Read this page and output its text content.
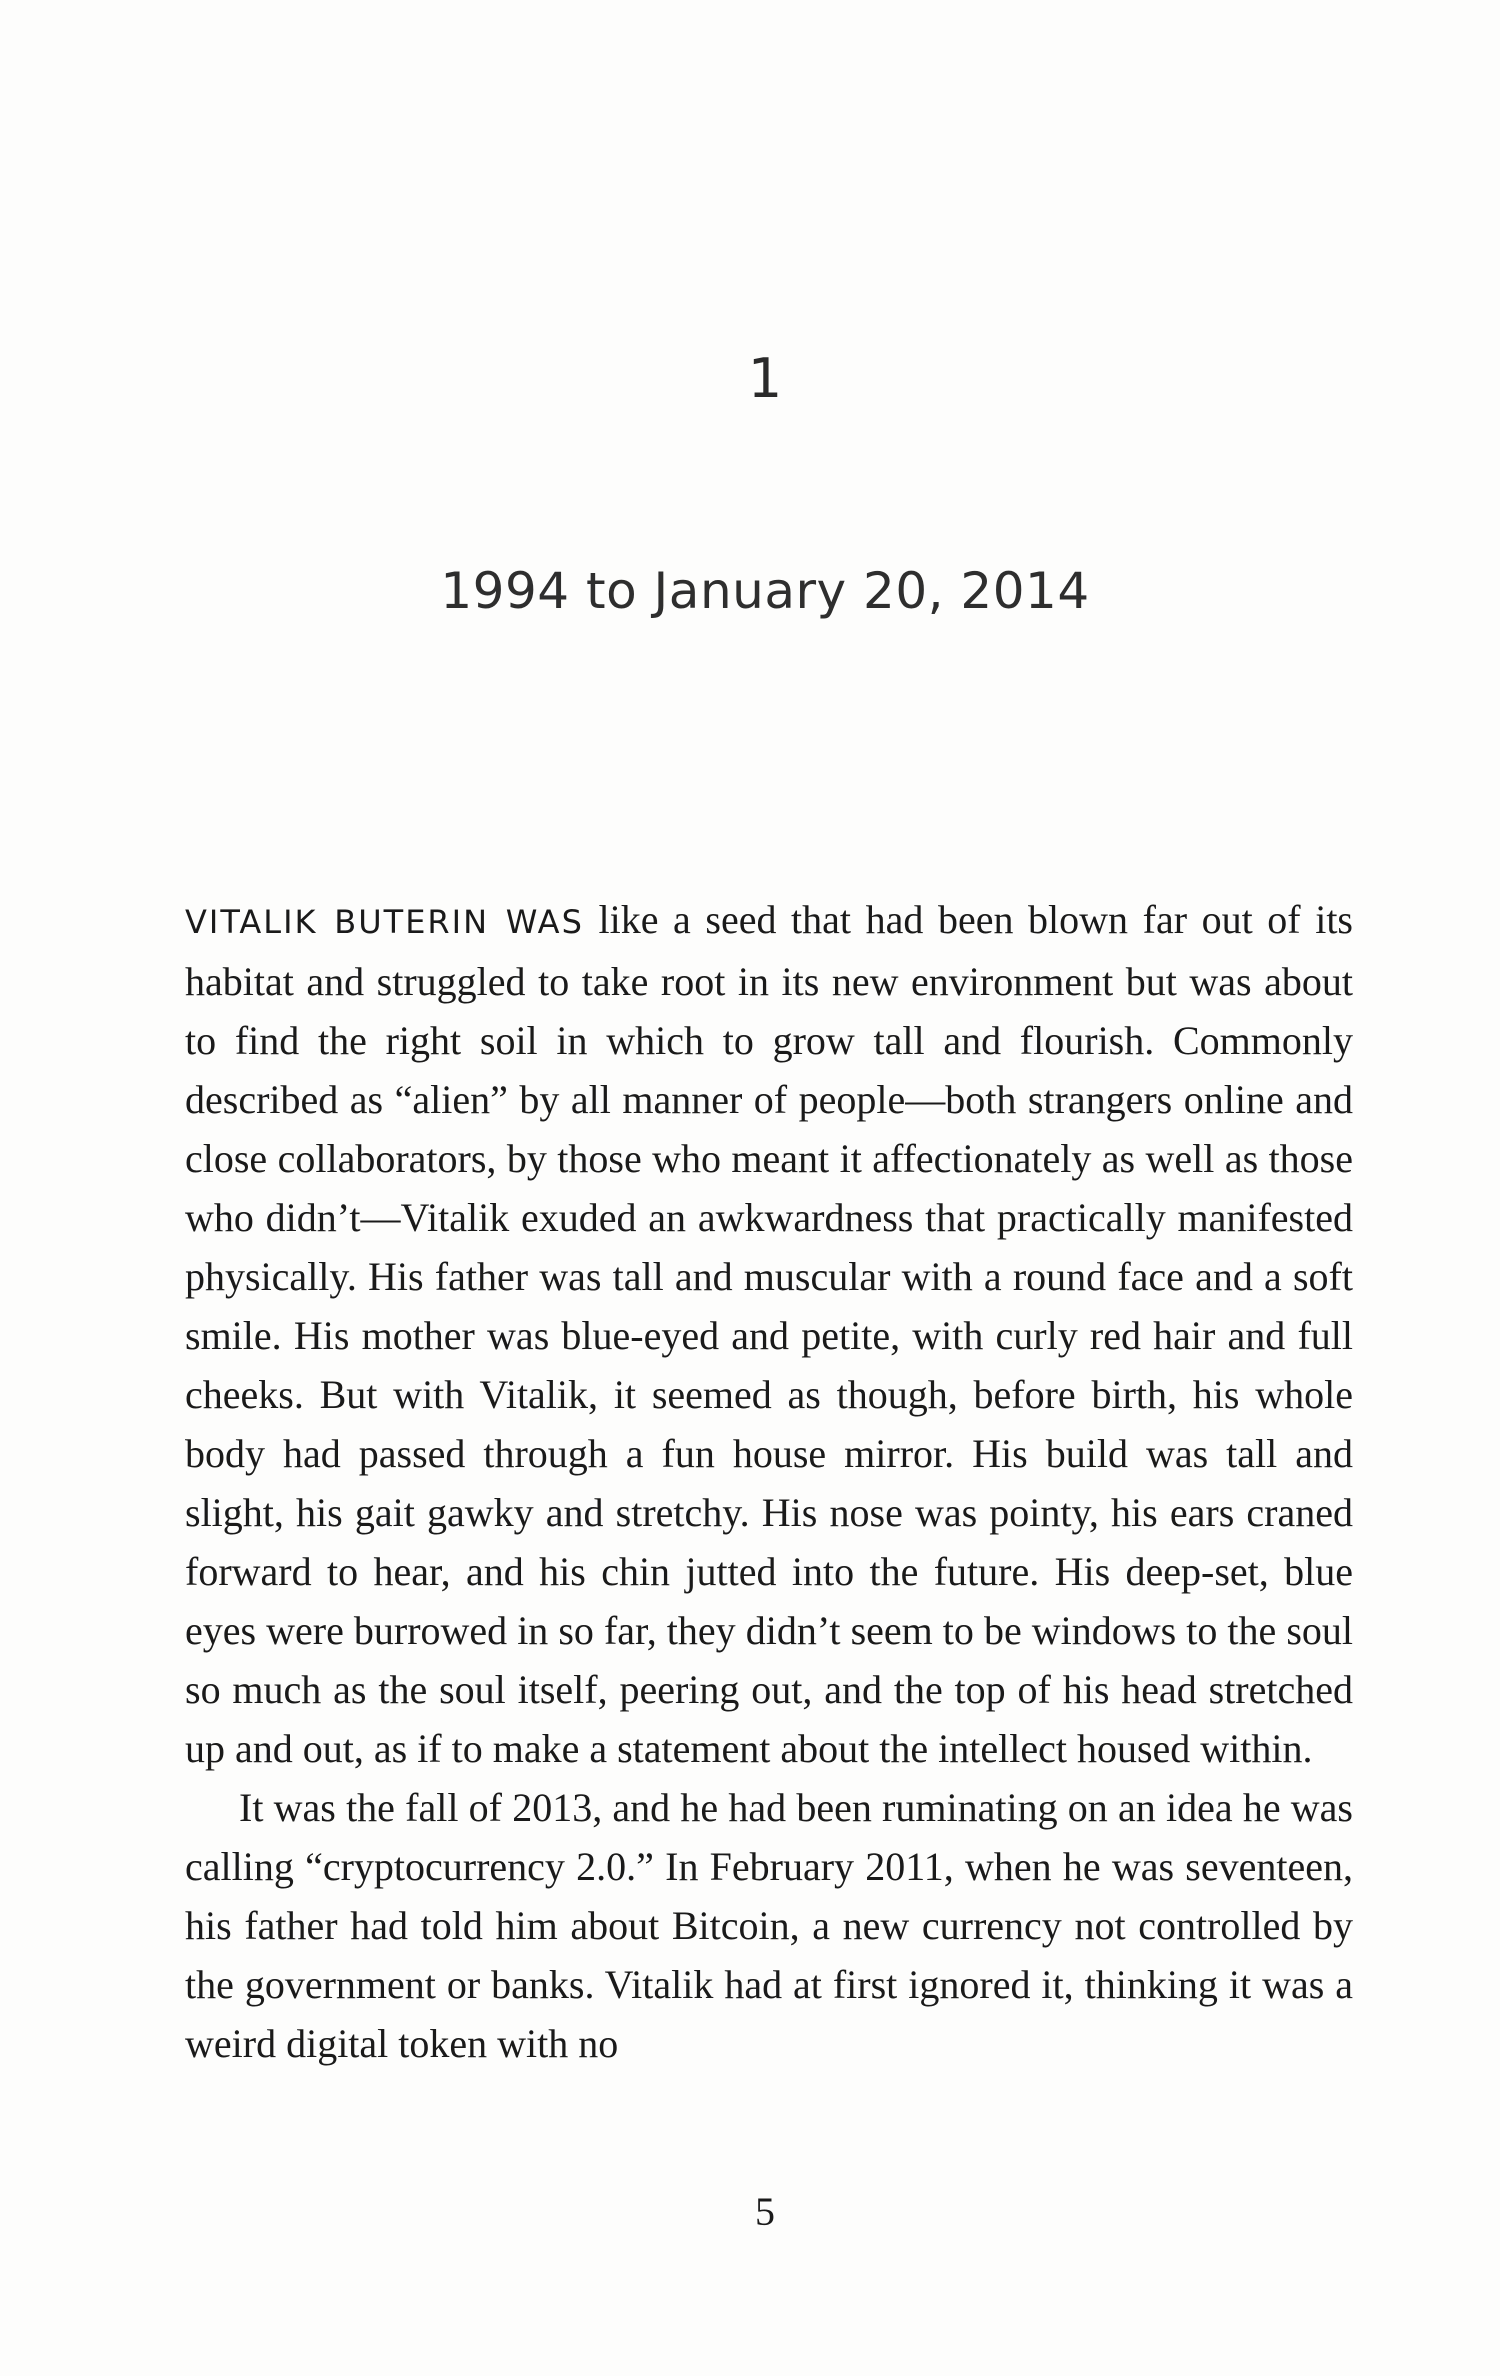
1
1994 to January 20, 2014

VITALIK BUTERIN WAS like a seed that had been blown far out of its habitat and struggled to take root in its new environment but was about to find the right soil in which to grow tall and flourish. Commonly described as “alien” by all manner of people—both strangers online and close collaborators, by those who meant it affectionately as well as those who didn’t—Vitalik exuded an awkwardness that practically manifested physically. His father was tall and muscular with a round face and a soft smile. His mother was blue-eyed and petite, with curly red hair and full cheeks. But with Vitalik, it seemed as though, before birth, his whole body had passed through a fun house mirror. His build was tall and slight, his gait gawky and stretchy. His nose was pointy, his ears craned forward to hear, and his chin jutted into the future. His deep-set, blue eyes were burrowed in so far, they didn’t seem to be windows to the soul so much as the soul itself, peering out, and the top of his head stretched up and out, as if to make a statement about the intellect housed within.

It was the fall of 2013, and he had been ruminating on an idea he was calling “cryptocurrency 2.0.” In February 2011, when he was seventeen, his father had told him about Bitcoin, a new currency not controlled by the government or banks. Vitalik had at first ignored it, thinking it was a weird digital token with no

5
